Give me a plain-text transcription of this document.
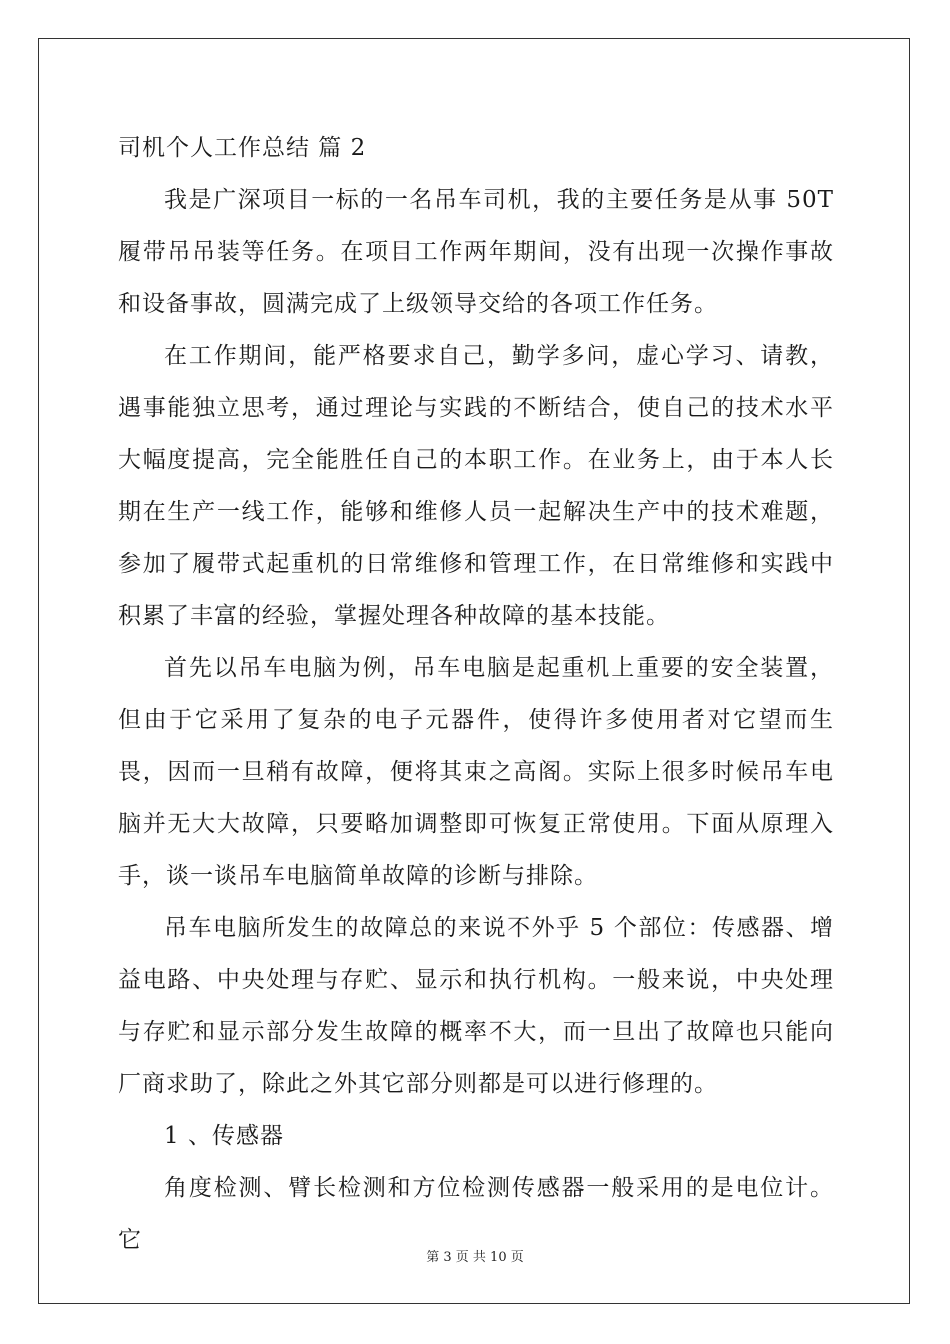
司机个人工作总结 篇 2

我是广深项目一标的一名吊车司机，我的主要任务是从事 50T 履带吊吊装等任务。在项目工作两年期间，没有出现一次操作事故和设备事故，圆满完成了上级领导交给的各项工作任务。

在工作期间，能严格要求自己，勤学多问，虚心学习、请教，遇事能独立思考，通过理论与实践的不断结合，使自己的技术水平大幅度提高，完全能胜任自己的本职工作。在业务上，由于本人长期在生产一线工作，能够和维修人员一起解决生产中的技术难题，参加了履带式起重机的日常维修和管理工作，在日常维修和实践中积累了丰富的经验，掌握处理各种故障的基本技能。

首先以吊车电脑为例，吊车电脑是起重机上重要的安全装置，但由于它采用了复杂的电子元器件，使得许多使用者对它望而生畏，因而一旦稍有故障，便将其束之高阁。实际上很多时候吊车电脑并无大大故障，只要略加调整即可恢复正常使用。下面从原理入手，谈一谈吊车电脑简单故障的诊断与排除。

吊车电脑所发生的故障总的来说不外乎 5 个部位：传感器、增益电路、中央处理与存贮、显示和执行机构。一般来说，中央处理与存贮和显示部分发生故障的概率不大，而一旦出了故障也只能向厂商求助了，除此之外其它部分则都是可以进行修理的。

1 、传感器

角度检测、臂长检测和方位检测传感器一般采用的是电位计。它

第 3 页 共 10 页
